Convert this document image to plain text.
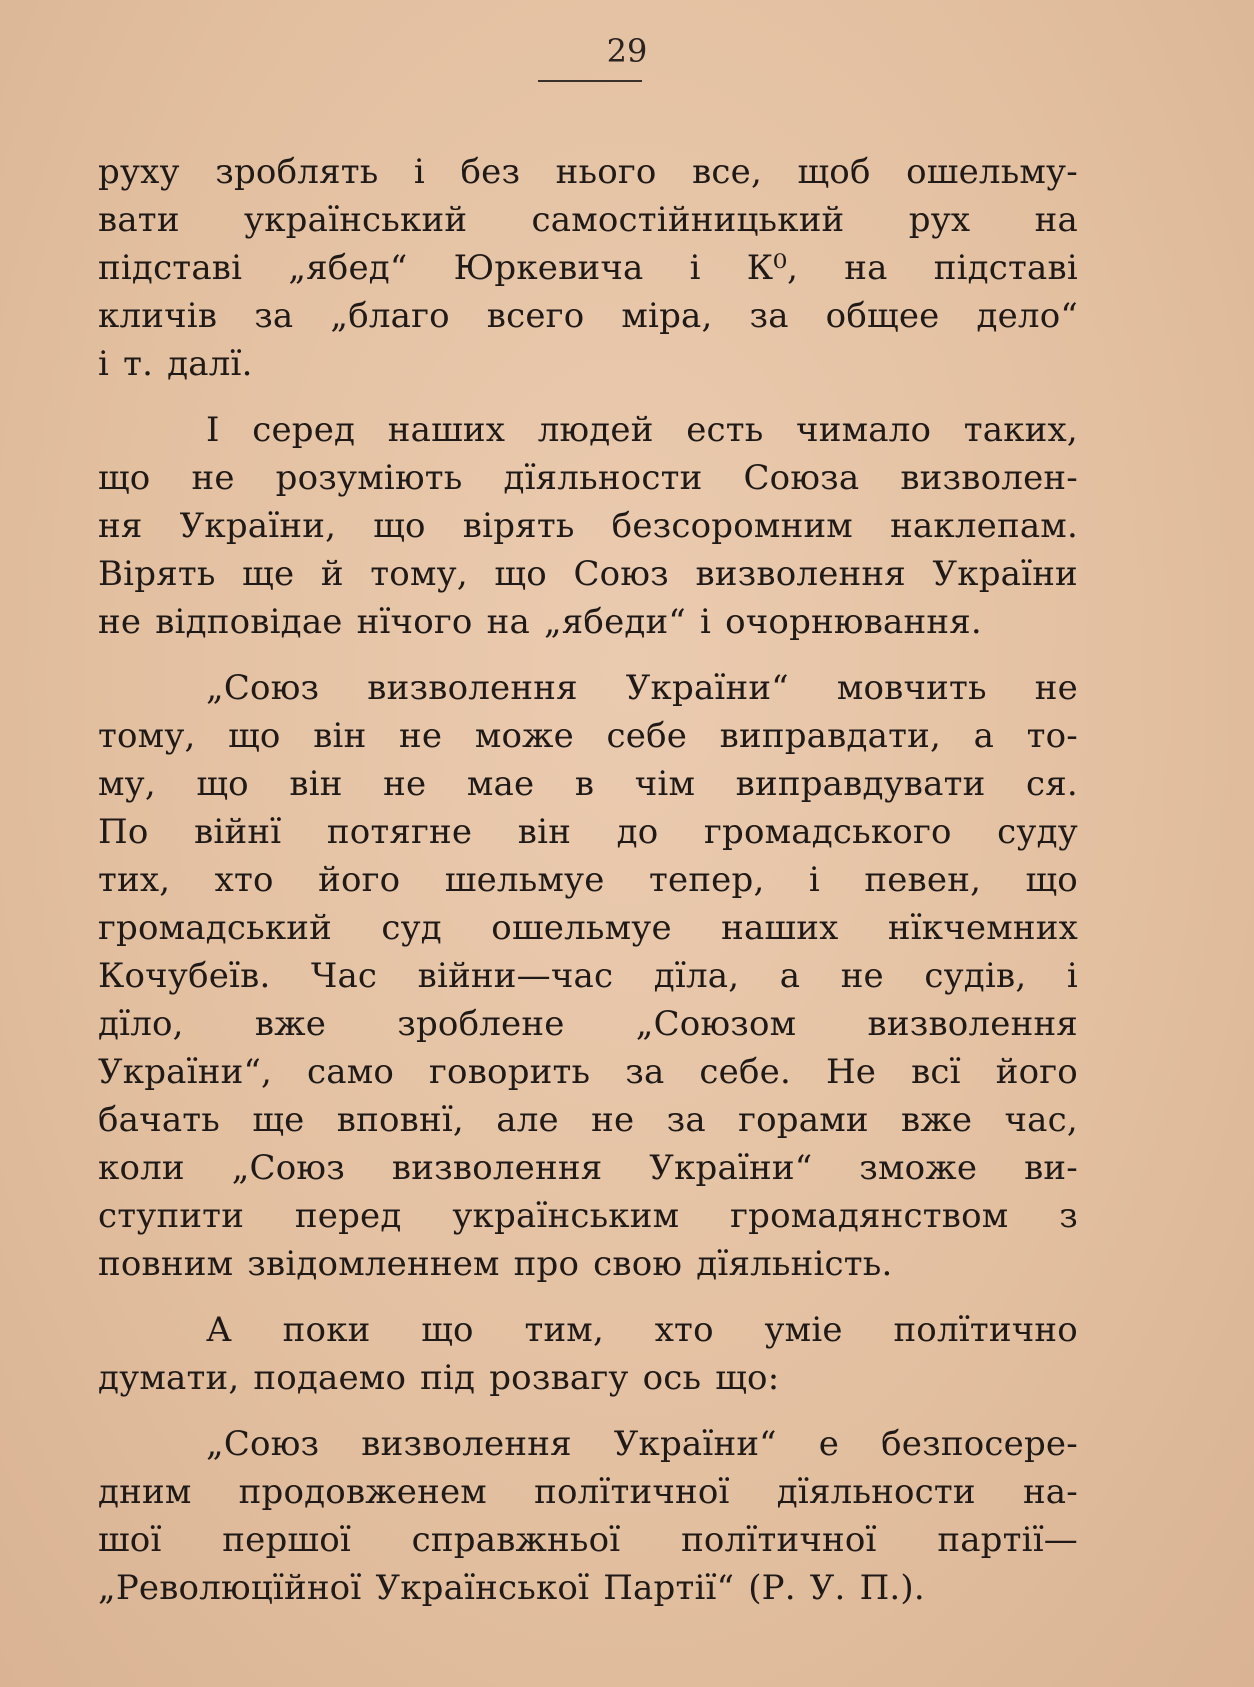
29
руху зроблять і без нього все, щоб ошельму-
вати український самостійницький рух на
підставі „ябед“ Юркевича і К⁰, на підставі
кличів за „благо всего міра, за общее дело“
і т. далї.
І серед наших людей есть чимало таких,
що не розуміють дїяльности Союза визволен-
ня України, що вірять безсоромним наклепам.
Вірять ще й тому, що Союз визволення України
не відповідае нїчого на „ябеди“ і очорнювання.
„Союз визволення України“ мовчить не
тому, що він не може себе виправдати, а то-
му, що він не мае в чім виправдувати ся.
По війнї потягне він до громадського суду
тих, хто його шельмуе тепер, і певен, що
громадський суд ошельмуе наших нїкчемних
Кочубеїв. Час війни—час дїла, а не судів, і
дїло, вже зроблене „Союзом визволення
України“, само говорить за себе. Не всї його
бачать ще вповнї, але не за горами вже час,
коли „Союз визволення України“ зможе ви-
ступити перед українським громадянством з
повним звідомленнем про свою дїяльність.
А поки що тим, хто уміе полїтично
думати, подаемо під розвагу ось що:
„Союз визволення України“ е безпосере-
дним продовженем полїтичної дїяльности на-
шої першої справжньої полїтичної партії—
„Революцїйної Української Партії“ (Р. У. П.).
